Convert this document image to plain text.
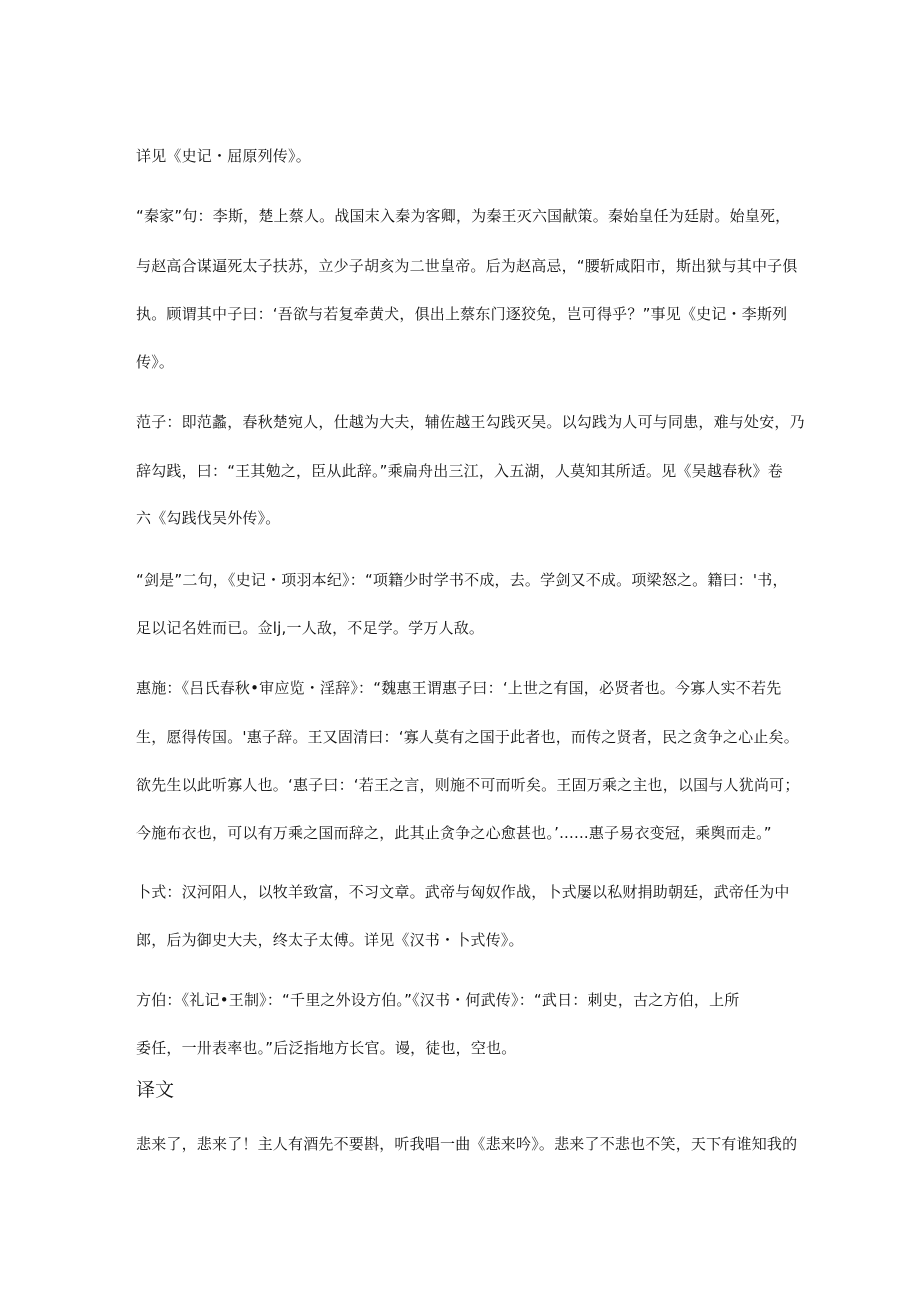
详见《史记・屈原列传》。
“秦家”句：李斯，楚上蔡人。战国末入秦为客卿，为秦王灭六国献策。秦始皇任为廷尉。始皇死，
与赵高合谋逼死太子扶苏，立少子胡亥为二世皇帝。后为赵高忌，“腰斩咸阳市，斯出狱与其中子俱
执。顾谓其中子曰：‘吾欲与若复牵黄犬，俱出上蔡东门逐狡兔，岂可得乎？”事见《史记・李斯列
传》。
范子：即范蠡，春秋楚宛人，仕越为大夫，辅佐越王勾践灭吴。以勾践为人可与同患，难与处安，乃
辞勾践，曰：“王其勉之，臣从此辞。”乘扁舟出三江，入五湖，人莫知其所适。见《吴越春秋》卷
六《勾践伐吴外传》。
“剑是”二句，《史记・项羽本纪》：“项籍少时学书不成，去。学剑又不成。项梁怒之。籍曰：'书，
足以记名姓而已。佥lj,一人敌，不足学。学万人敌。
惠施：《吕氏春秋•审应览・淫辞》：“魏惠王谓惠子曰：‘上世之有国，必贤者也。今寡人实不若先
生，愿得传国。'惠子辞。王又固清曰：‘寡人莫有之国于此者也，而传之贤者，民之贪争之心止矣。
欲先生以此听寡人也。‘惠子曰：‘若王之言，则施不可而听矣。王固万乘之主也，以国与人犹尚可；
今施布衣也，可以有万乘之国而辞之，此其止贪争之心愈甚也。’......惠子易衣变冠，乘舆而走。”
卜式：汉河阳人，以牧羊致富，不习文章。武帝与匈奴作战，卜式屡以私财捐助朝廷，武帝任为中
郎，后为御史大夫，终太子太傅。详见《汉书・卜式传》。
方伯：《礼记•王制》：“千里之外设方伯。”《汉书・何武传》：“武日：刺史，古之方伯，上所
委任，一卅表率也。”后泛指地方长官。谩，徒也，空也。
译文
悲来了，悲来了！主人有酒先不要斟，听我唱一曲《悲来吟》。悲来了不悲也不笑，天下有谁知我的
